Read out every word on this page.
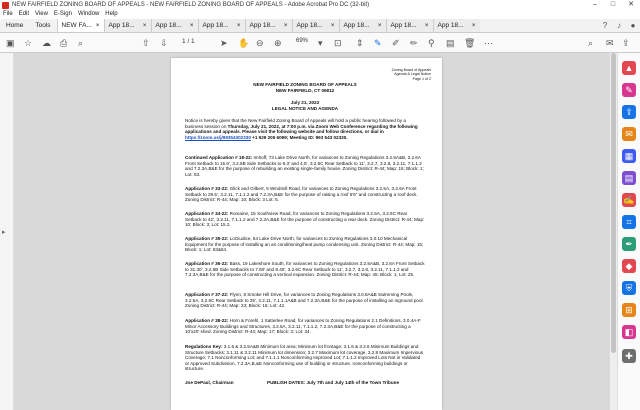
NEW FAIRFIELD ZONING BOARD OF APPEALS - NEW FAIRFIELD ZONING BOARD OF APPEALS - Adobe Acrobat Pro DC (32-bit)	–	□	✕
File	Edit	View	E-Sign	Window	Help
Home	Tools	NEW FA... × App 18... × App 18... × App 18... × App 18... × App 18... × App 18... × App 18... × App 18... ×	?	♪	●
▣ ☆ ☁ ⎙ ⌕	⇧ ⇩ 1 / 1	➤ ✋ ⊖ ⊕ 69% ▾ ⊡ ⇕ ✎ ✐ ✏ ⚲ ▤ 🗑 ⋯	⌕ ✉ ⇪
▸
▲
✎
⇪
✉
▦
▤
✍
⌗
✒
◆
⛨
⊞
◧
✚
Zoning Board of Appeals
Agenda & Legal Notice
Page 1 of 2
NEW FAIRFIELD ZONING BOARD OF APPEALS
NEW FAIRFIELD, CT 06812
July 21, 2022
LEGAL NOTICE AND AGENDA
Notice is hereby given that the New Fairfield Zoning Board of Appeals will hold a public hearing followed by a business session on Thursday, July 21, 2022, at 7:00 p.m. via Zoom Web Conference regarding the following applications and appeals. Please visit the following website and follow directions, or dial in https://zoom.us/j/99354302330 +1 929 205 6099; Meeting ID: 993 543 02330.
Continued Application # 18-22: Imhoff, 73 Lake Drive North, for variances to Zoning Regulations 3.2.5A&B, 3.2.6A Front Setback to 15.6', 3.2.6B Side Setbacks to 9.3' and 4.5', 3.2.6C Rear Setback to 11', 3.2.7, 3.2.8, 3.2.11, 7.1.1.2 and 7.2.3A,B&E for the purpose of rebuilding an existing single-family house. Zoning District: R-44; Map: 15; Block: 1; Lot: 53.
Application # 33-22: Glick and Gilbert, 5 Windmill Road, for variances to Zoning Regulations 3.2.5A, 3.2.6A Front Setback to 29.5', 3.2.11, 7.1.1.2 and 7.2.3A,B&E for the purpose of raising a roof 5'6" and constructing a roof deck. Zoning District: R-44; Map: 10; Block: 3 Lot: 5.
Application # 34-22: Romaine, 15 Southview Road, for variances to Zoning Regulations 3.2.5A, 3.2.6C Rear Setback to 42', 3.2.11, 7.1.1.2 and 7.2.3A,B&E for the purpose of constructing a rear deck. Zoning District: R-44; Map: 10; Block: 3; Lot: 15.2.
Application # 35-22: LoGiudice, 54 Lake Drive North, for variances to Zoning Regulations 3.0.10 Mechanical Equipment for the purpose of installing an air conditioning/heat pump condensing unit. Zoning District: R-44; Map: 15; Block: 1; Lot: 63&64.
Application # 36-22: Bass, 19 Lakeshore South, for variances to Zoning Regulations 3.2.5A&B, 3.2.6A Front Setback to 31.30', 3.2.6B Side Setbacks to 7.80' and 9.40', 3.2.6C Rear Setback to 11', 3.2.7, 3.2.8, 3.2.11, 7.1.1.2 and 7.2.3A,B&E for the purpose of constructing a vertical expansion. Zoning District: R-44; Map: 45; Block: 1; Lot: 25.
Application # 37-22: Flynn, 8 Smoke Hill Drive, for variances to Zoning Regulations 3.0.8A&B Swimming Pools, 3.2.5A, 3.2.6C Rear Setback to 25', 3.2.11, 7.1.1.1A&B and 7.2.3A,B&E for the purpose of installing an inground pool. Zoning District: R-44; Map: 23; Block: 16; Lot: 42.
Application # 38-22: Horn & Forehl, 1 Satterlee Road, for variances to Zoning Regulations 2.1 Definitions, 3.0.4A-F Minor Accessory Buildings and Structures, 3.2.5A, 3.2.11, 7.1.1.2, 7.2.3A,B&E for the purpose of constructing a 10'x20' shed. Zoning District: R-44; Map: 17; Block: 3; Lot: 34.
Regulations Key: 3.1.5 & 3.2.5A&B Minimum lot area; Minimum lot frontage; 3.1.6 & 3.2.6 Minimum Buildings and Structure Setbacks; 3.1.11 & 3.2.11 Minimum lot dimension; 3.2.7 Maximum lot coverage, 3.2.8 Maximum Impervious Coverage; 7.1 Nonconforming Lot; and 7.1.1.1 Nonconforming Improved Lot; 7.1.1.2 Improved Lots Not in Validated or Approved Subdivision, 7.2.3A,B,&E Nonconforming use of building or structure, nonconforming buildings or structure.
Joe DePaul, Chairman	PUBLISH DATES: July 7th and July 14th of the Town Tribune
